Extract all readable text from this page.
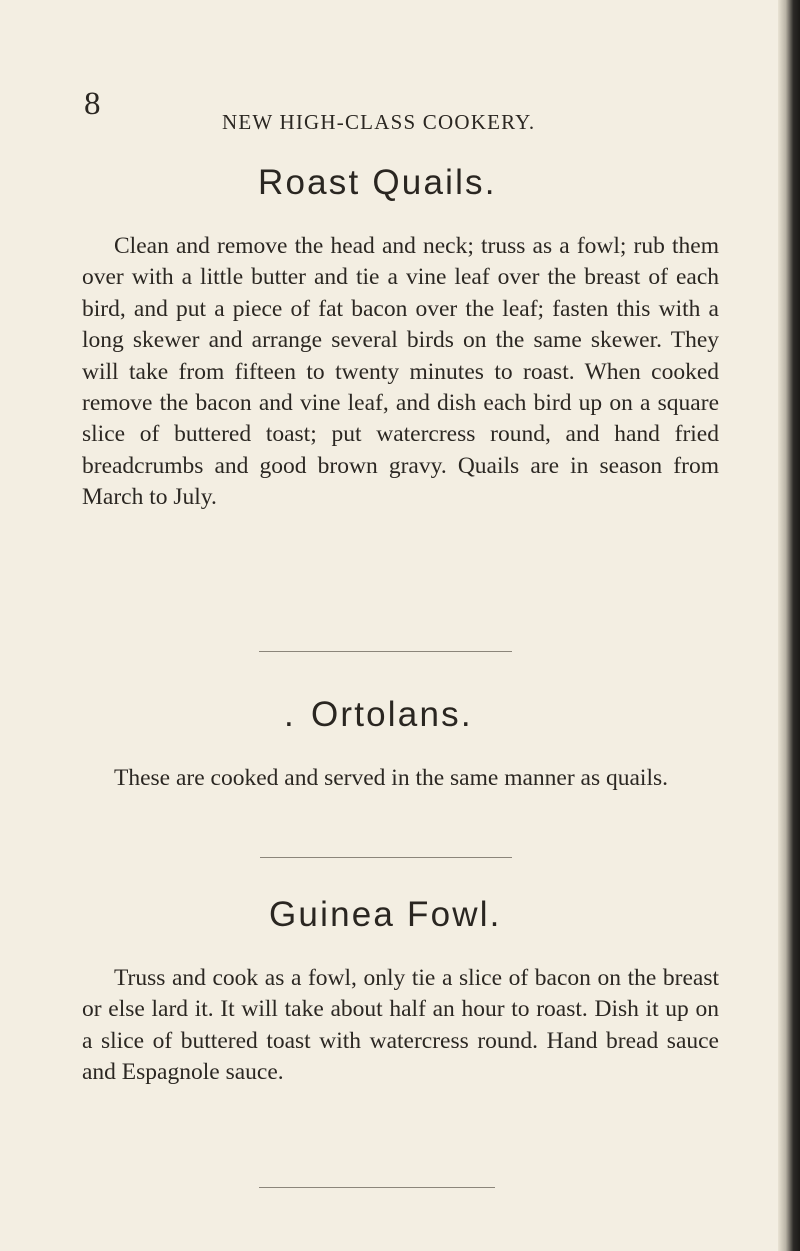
8	NEW HIGH-CLASS COOKERY.
Roast Quails.

Clean and remove the head and neck; truss as a fowl; rub them over with a little butter and tie a vine leaf over the breast of each bird, and put a piece of fat bacon over the leaf; fasten this with a long skewer and arrange several birds on the same skewer. They will take from fifteen to twenty minutes to roast. When cooked remove the bacon and vine leaf, and dish each bird up on a square slice of buttered toast; put watercress round, and hand fried breadcrumbs and good brown gravy. Quails are in season from March to July.

. Ortolans.

These are cooked and served in the same manner as quails.

Guinea Fowl.

Truss and cook as a fowl, only tie a slice of bacon on the breast or else lard it. It will take about half an hour to roast. Dish it up on a slice of buttered toast with watercress round. Hand bread sauce and Espagnole sauce.
